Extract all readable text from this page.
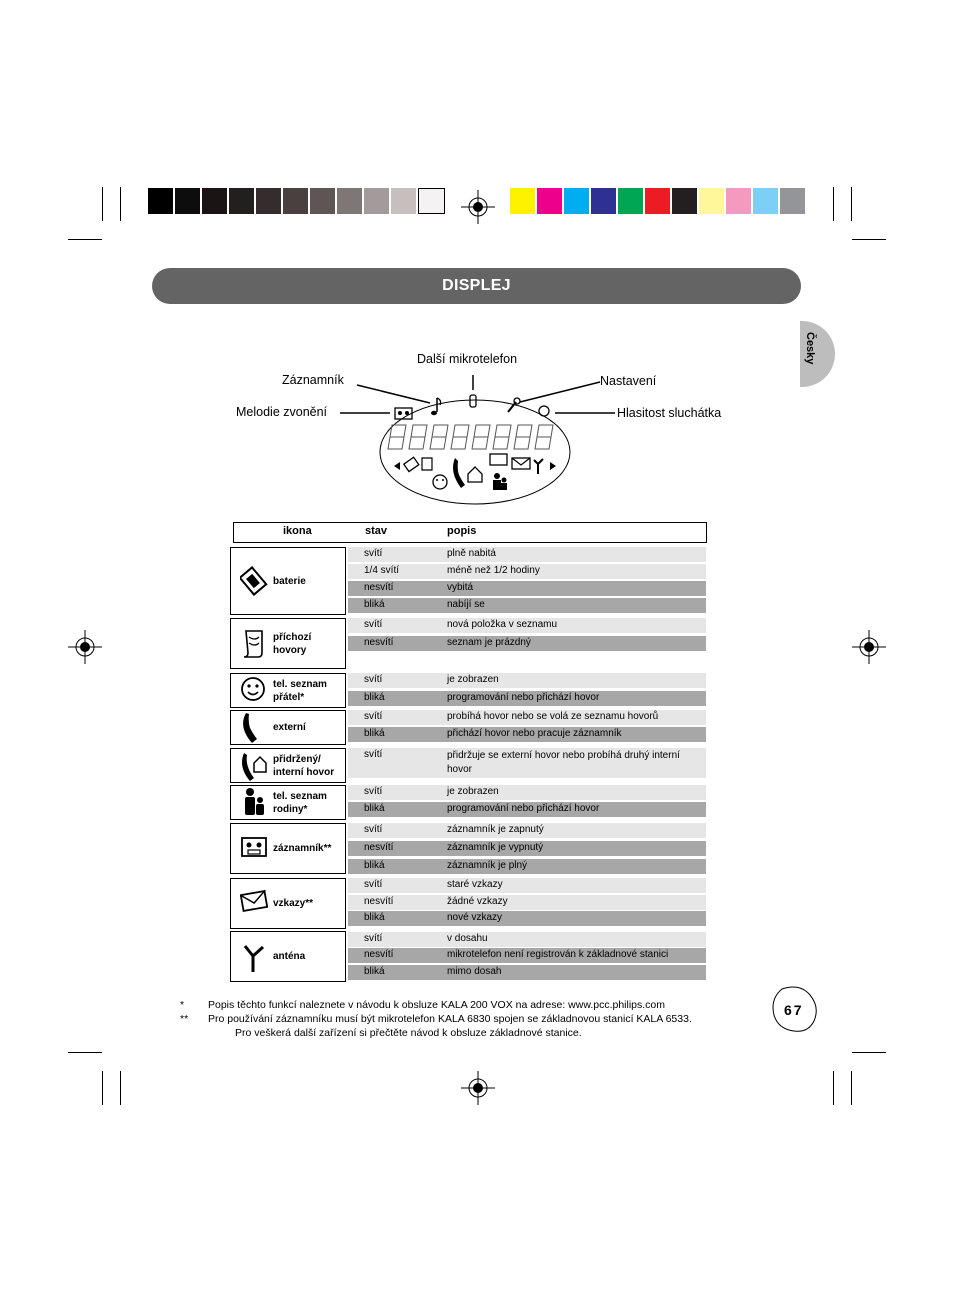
DISPLEJ
Česky
Další mikrotelefon
Záznamník	Nastavení
Melodie zvonění	Hlasitost sluchátka
ikona	stav	popis
baterie
svítí	plně nabitá
1/4 svítí	méně než 1/2 hodiny
nesvítí	vybitá
bliká	nabíjí se
příchozí hovory
svítí	nová položka v seznamu
nesvítí	seznam je prázdný
tel. seznam přátel*
svítí	je zobrazen
bliká	programování nebo přichází hovor
externí
svítí	probíhá hovor nebo se volá ze seznamu hovorů
bliká	přichází hovor nebo pracuje záznamník
přidržený/ interní hovor
svítí	přidržuje se externí hovor nebo probíhá druhý interní hovor
tel. seznam rodiny*
svítí	je zobrazen
bliká	programování nebo přichází hovor
záznamník**
svítí	záznamník je zapnutý
nesvítí	záznamník je vypnutý
bliká	záznamník je plný
vzkazy**
svítí	staré vzkazy
nesvítí	žádné vzkazy
bliká	nové vzkazy
anténa
svítí	v dosahu
nesvítí	mikrotelefon není registrován k základnové stanici
bliká	mimo dosah
* Popis těchto funkcí naleznete v návodu k obsluze KALA 200 VOX na adrese: www.pcc.philips.com
** Pro používání záznamníku musí být mikrotelefon KALA 6830 spojen se základnovou stanicí KALA 6533.
Pro veškerá další zařízení si přečtěte návod k obsluze základnové stanice.
67
